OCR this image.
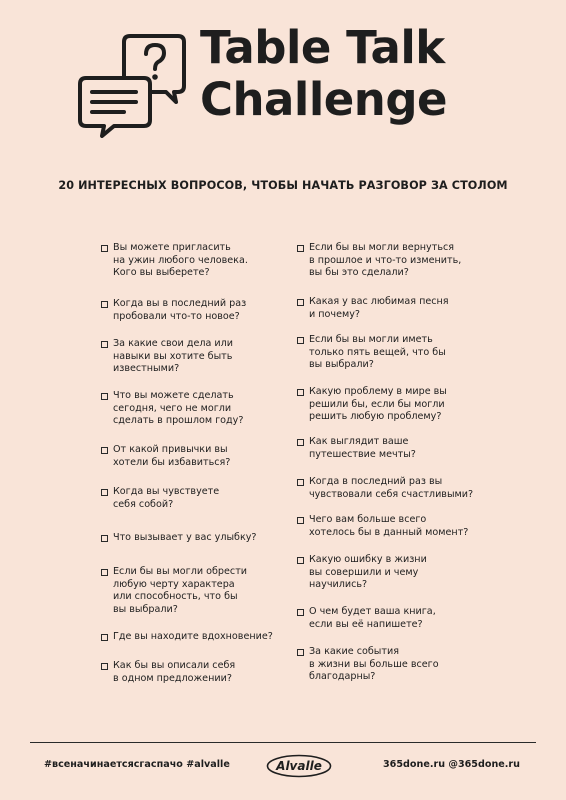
Table Talk
Challenge
20 ИНТЕРЕСНЫХ ВОПРОСОВ, ЧТОБЫ НАЧАТЬ РАЗГОВОР ЗА СТОЛОМ
Вы можете пригласить
на ужин любого человека.
Кого вы выберете?
Когда вы в последний раз
пробовали что-то новое?
За какие свои дела или
навыки вы хотите быть
известными?
Что вы можете сделать
сегодня, чего не могли
сделать в прошлом году?
От какой привычки вы
хотели бы избавиться?
Когда вы чувствуете
себя собой?
Что вызывает у вас улыбку?
Если бы вы могли обрести
любую черту характера
или способность, что бы
вы выбрали?
Где вы находите вдохновение?
Как бы вы описали себя
в одном предложении?
Если бы вы могли вернуться
в прошлое и что-то изменить,
вы бы это сделали?
Какая у вас любимая песня
и почему?
Если бы вы могли иметь
только пять вещей, что бы
вы выбрали?
Какую проблему в мире вы
решили бы, если бы могли
решить любую проблему?
Как выглядит ваше
путешествие мечты?
Когда в последний раз вы
чувствовали себя счастливыми?
Чего вам больше всего
хотелось бы в данный момент?
Какую ошибку в жизни
вы совершили и чему
научились?
О чем будет ваша книга,
если вы её напишете?
За какие события
в жизни вы больше всего
благодарны?
#всеначинаетсясгаспачо #alvalle	Alvalle	365done.ru @365done.ru
